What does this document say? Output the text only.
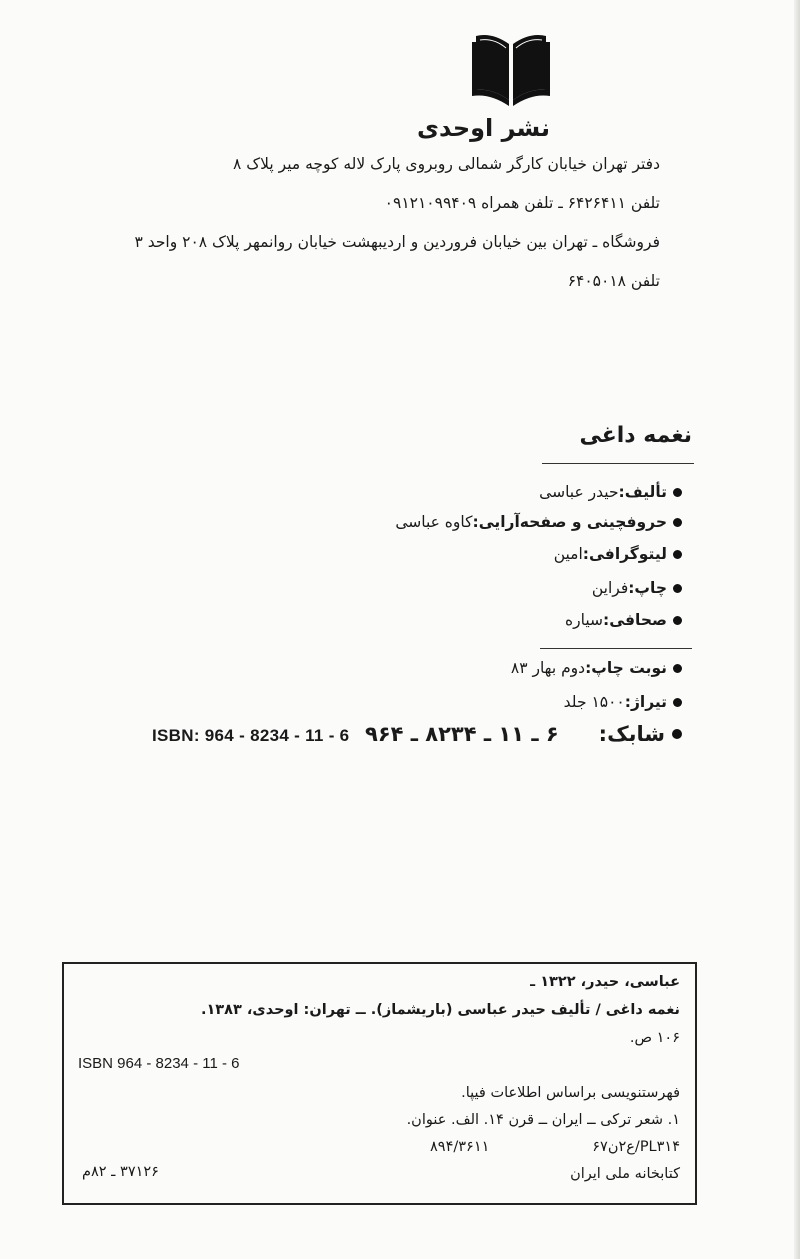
نشر اوحدی
دفتر تهران خیابان کارگر شمالی روبروی پارک لاله کوچه میر پلاک ۸
تلفن ۶۴۲۶۴۱۱ ـ تلفن همراه ۰۹۱۲۱۰۹۹۴۰۹
فروشگاه ـ تهران بین خیابان فروردین و اردیبهشت خیابان روانمهر پلاک ۲۰۸ واحد ۳
تلفن ۶۴۰۵۰۱۸
نغمه داغی
تألیف:
حیدر عباسی
حروفچینی و صفحه‌آرایی:
کاوه عباسی
لیتوگرافی:
امین
چاپ:
فراین
صحافی:
سیاره
نوبت چاپ:
دوم بهار ۸۳
تیراژ:
۱۵۰۰ جلد
شابک:
۶ ـ ۱۱ ـ ۸۲۳۴ ـ ۹۶۴
ISBN: 964 - 8234 - 11 - 6
عباسی، حیدر، ۱۳۲۲ ـ
نغمه داغی / تألیف حیدر عباسی (باریشماز). ــ تهران: اوحدی، ۱۳۸۳.
۱۰۶ ص.
ISBN 964 - 8234 - 11 - 6
فهرستنویسی براساس اطلاعات فیپا.
۱. شعر ترکی ــ ایران ــ قرن ۱۴. الف. عنوان.
PL۳۱۴/ع۲ن۶۷
۸۹۴/۳۶۱۱
کتابخانه ملی ایران
۳۷۱۲۶ ـ ۸۲م
